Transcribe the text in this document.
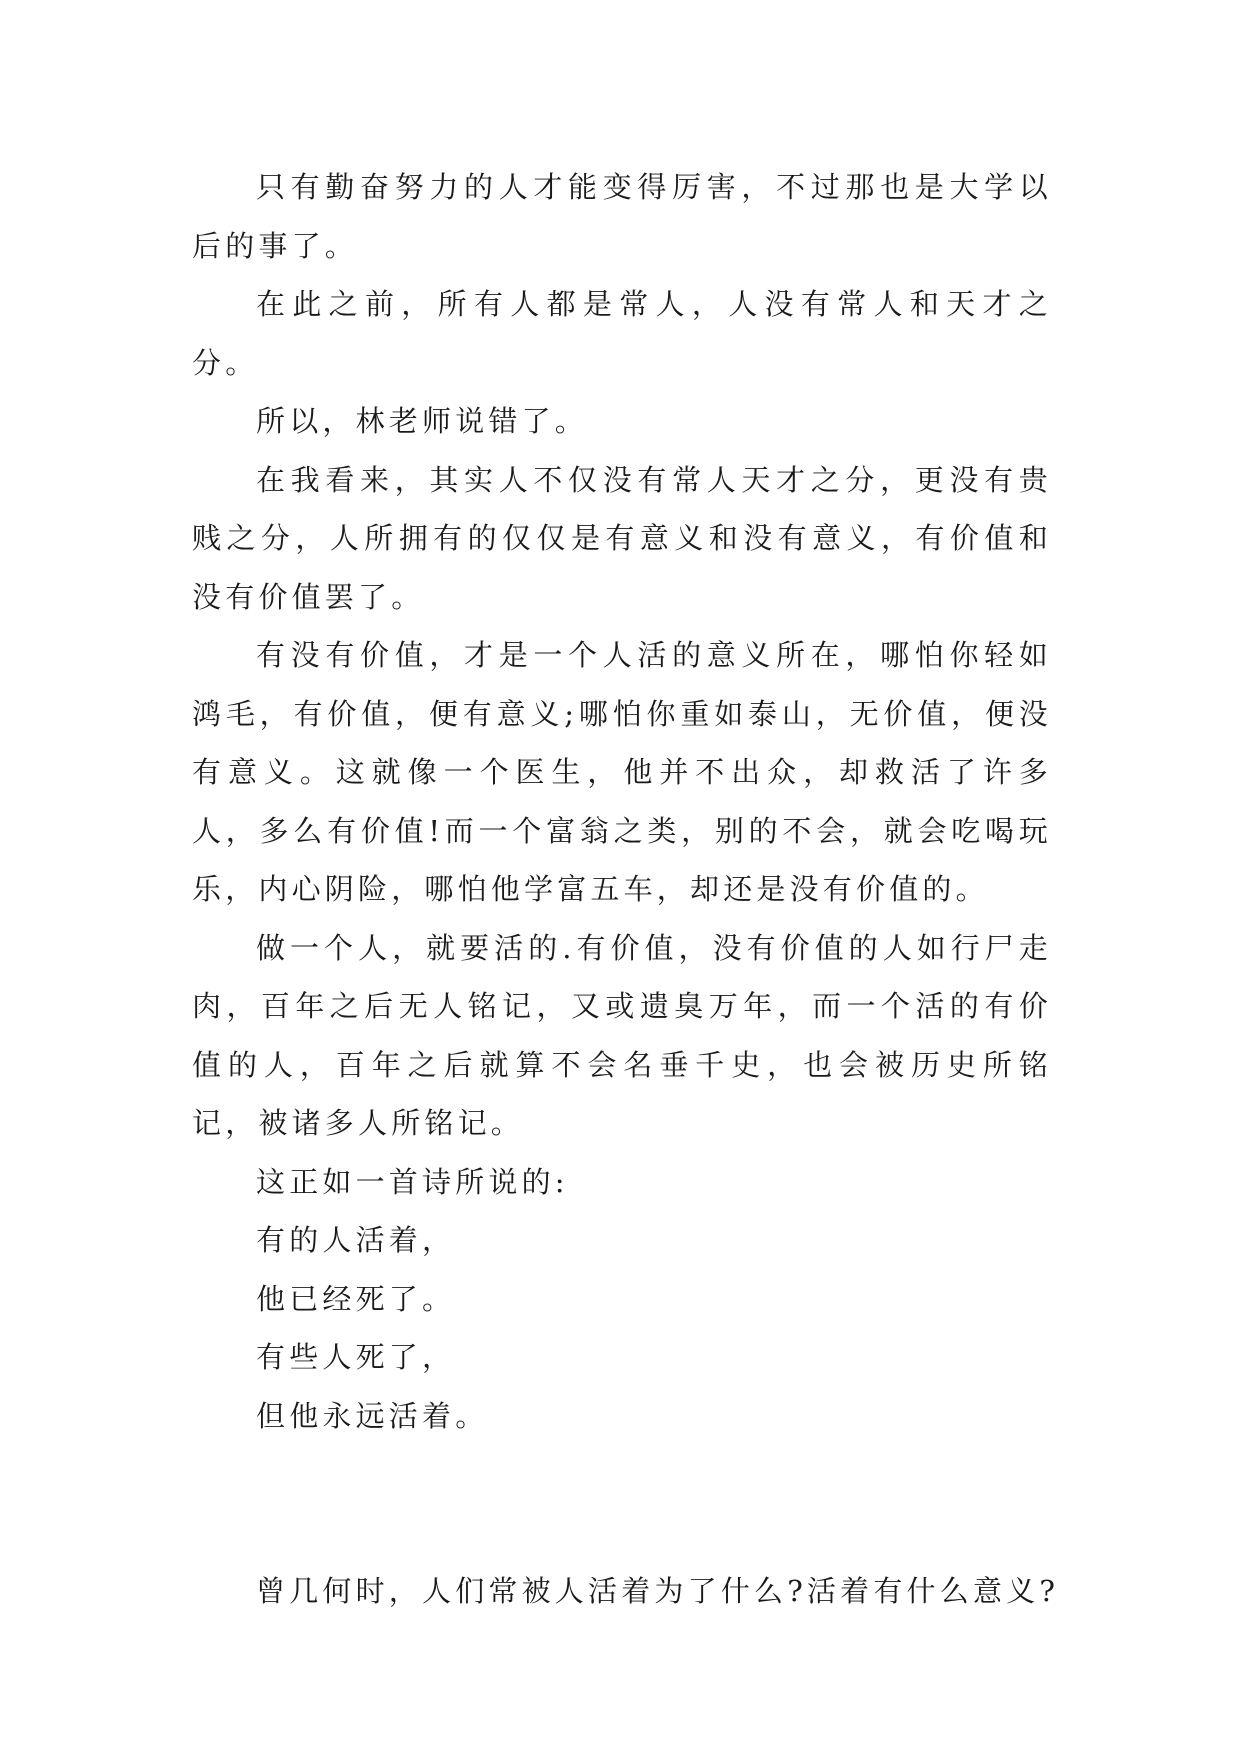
只有勤奋努力的人才能变得厉害，不过那也是大学以后的事了。

在此之前，所有人都是常人，人没有常人和天才之分。

所以，林老师说错了。

在我看来，其实人不仅没有常人天才之分，更没有贵贱之分，人所拥有的仅仅是有意义和没有意义，有价值和没有价值罢了。

有没有价值，才是一个人活的意义所在，哪怕你轻如鸿毛，有价值，便有意义;哪怕你重如泰山，无价值，便没有意义。这就像一个医生，他并不出众，却救活了许多人，多么有价值!而一个富翁之类，别的不会，就会吃喝玩乐，内心阴险，哪怕他学富五车，却还是没有价值的。

做一个人，就要活的.有价值，没有价值的人如行尸走肉，百年之后无人铭记，又或遗臭万年，而一个活的有价值的人，百年之后就算不会名垂千史，也会被历史所铭记，被诸多人所铭记。

这正如一首诗所说的:

有的人活着，

他已经死了。

有些人死了，

但他永远活着。

曾几何时，人们常被人活着为了什么?活着有什么意义?
